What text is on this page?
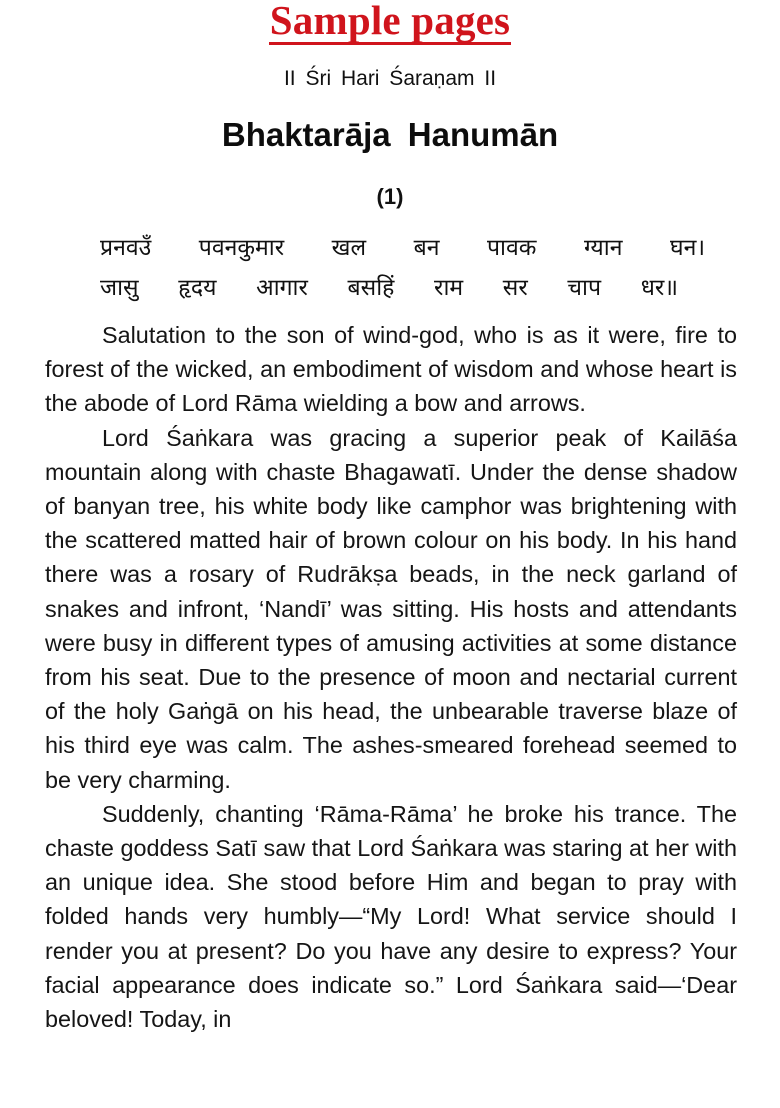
Sample pages
II Śri Hari Śaraṇam II
Bhaktarāja Hanumān
(1)
प्रनवउँ पवनकुमार खल बन पावक ग्यान घन।
जासु हृदय आगार बसहिं राम सर चाप धर॥

Salutation to the son of wind-god, who is as it were, fire to forest of the wicked, an embodiment of wisdom and whose heart is the abode of Lord Rāma wielding a bow and arrows.

Lord Śaṅkara was gracing a superior peak of Kailāśa mountain along with chaste Bhagawatī. Under the dense shadow of banyan tree, his white body like camphor was brightening with the scattered matted hair of brown colour on his body. In his hand there was a rosary of Rudrākṣa beads, in the neck garland of snakes and infront, ‘Nandī’ was sitting. His hosts and attendants were busy in different types of amusing activities at some distance from his seat. Due to the presence of moon and nectarial current of the holy Gaṅgā on his head, the unbearable traverse blaze of his third eye was calm. The ashes-smeared forehead seemed to be very charming.

Suddenly, chanting ‘Rāma-Rāma’ he broke his trance. The chaste goddess Satī saw that Lord Śaṅkara was staring at her with an unique idea. She stood before Him and began to pray with folded hands very humbly—“My Lord! What service should I render you at present? Do you have any desire to express? Your facial appearance does indicate so.” Lord Śaṅkara said—‘Dear beloved! Today, in
